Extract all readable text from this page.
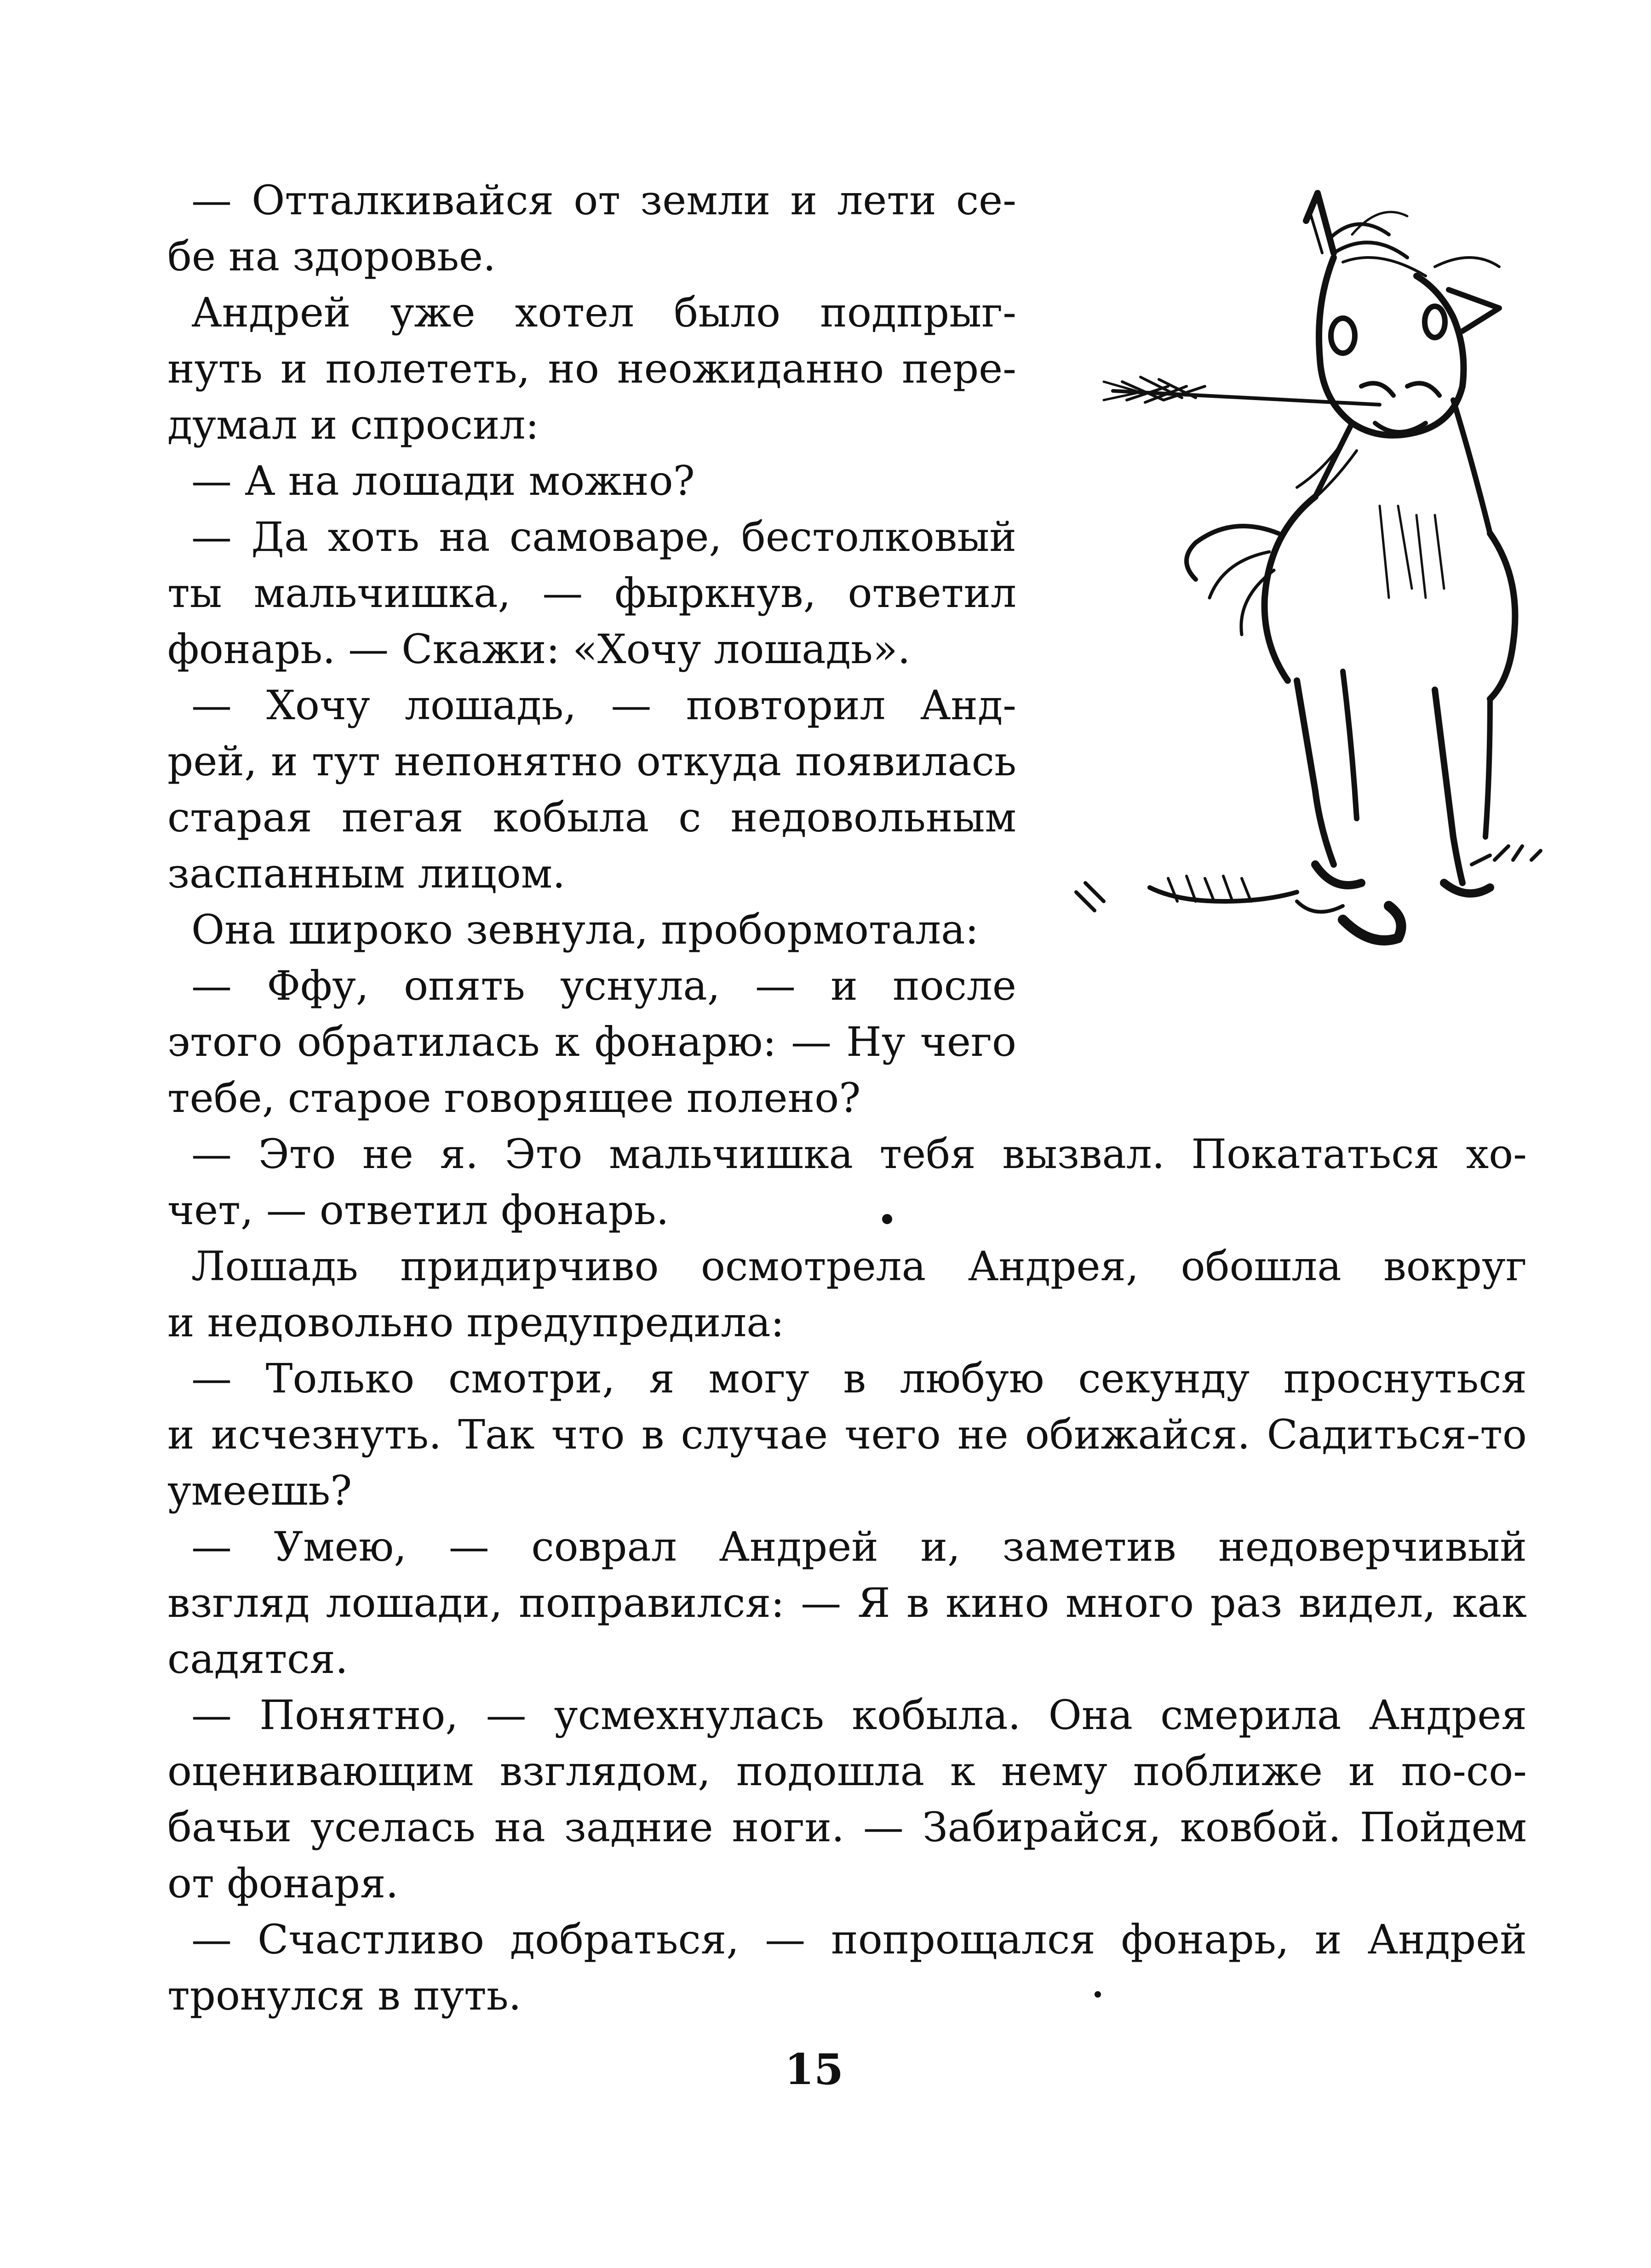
— Отталкивайся от земли и лети се-

бе на здоровье.

Андрей уже хотел было подпрыг-

нуть и полететь, но неожиданно пере-

думал и спросил:

— А на лошади можно?

— Да хоть на самоваре, бестолковый

ты мальчишка, — фыркнув, ответил

фонарь. — Скажи: «Хочу лошадь».

— Хочу лошадь, — повторил Анд-

рей, и тут непонятно откуда появилась

старая пегая кобыла с недовольным

заспанным лицом.

Она широко зевнула, пробормотала:

— Ффу, опять уснула, — и после

этого обратилась к фонарю: — Ну чего

тебе, старое говорящее полено?

— Это не я. Это мальчишка тебя вызвал. Покататься хо-

чет, — ответил фонарь.

Лошадь придирчиво осмотрела Андрея, обошла вокруг

и недовольно предупредила:

— Только смотри, я могу в любую секунду проснуться

и исчезнуть. Так что в случае чего не обижайся. Садиться-то

умеешь?

— Умею, — соврал Андрей и, заметив недоверчивый

взгляд лошади, поправился: — Я в кино много раз видел, как

садятся.

— Понятно, — усмехнулась кобыла. Она смерила Андрея

оценивающим взглядом, подошла к нему поближе и по-со-

бачьи уселась на задние ноги. — Забирайся, ковбой. Пойдем

от фонаря.

— Счастливо добраться, — попрощался фонарь, и Андрей

тронулся в путь.

15
